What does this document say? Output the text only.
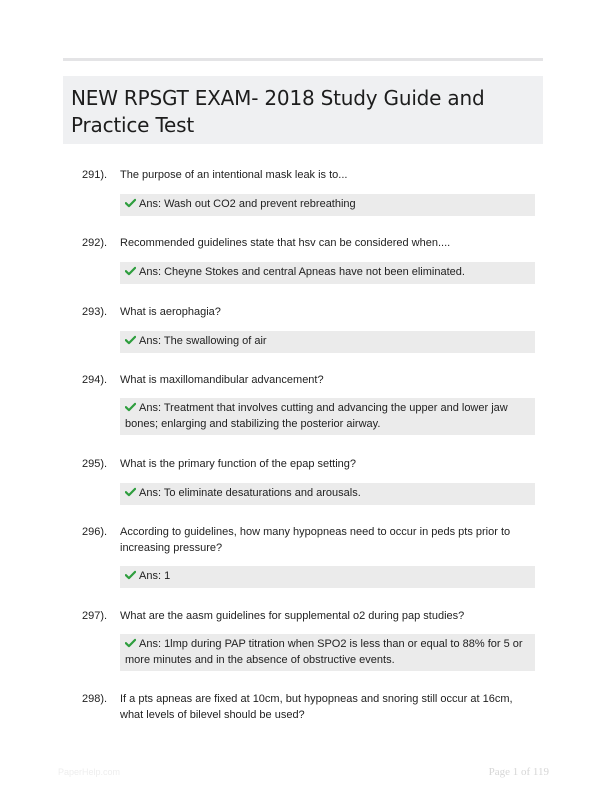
NEW RPSGT EXAM- 2018 Study Guide and Practice Test
291). The purpose of an intentional mask leak is to...
Ans: Wash out CO2 and prevent rebreathing
292). Recommended guidelines state that hsv can be considered when....
Ans: Cheyne Stokes and central Apneas have not been eliminated.
293). What is aerophagia?
Ans: The swallowing of air
294). What is maxillomandibular advancement?
Ans: Treatment that involves cutting and advancing the upper and lower jaw bones; enlarging and stabilizing the posterior airway.
295). What is the primary function of the epap setting?
Ans: To eliminate desaturations and arousals.
296). According to guidelines, how many hypopneas need to occur in peds pts prior to increasing pressure?
Ans: 1
297). What are the aasm guidelines for supplemental o2 during pap studies?
Ans: 1lmp during PAP titration when SPO2 is less than or equal to 88% for 5 or more minutes and in the absence of obstructive events.
298). If a pts apneas are fixed at 10cm, but hypopneas and snoring still occur at 16cm, what levels of bilevel should be used?
PaperHelp.com	Page 1 of 119
